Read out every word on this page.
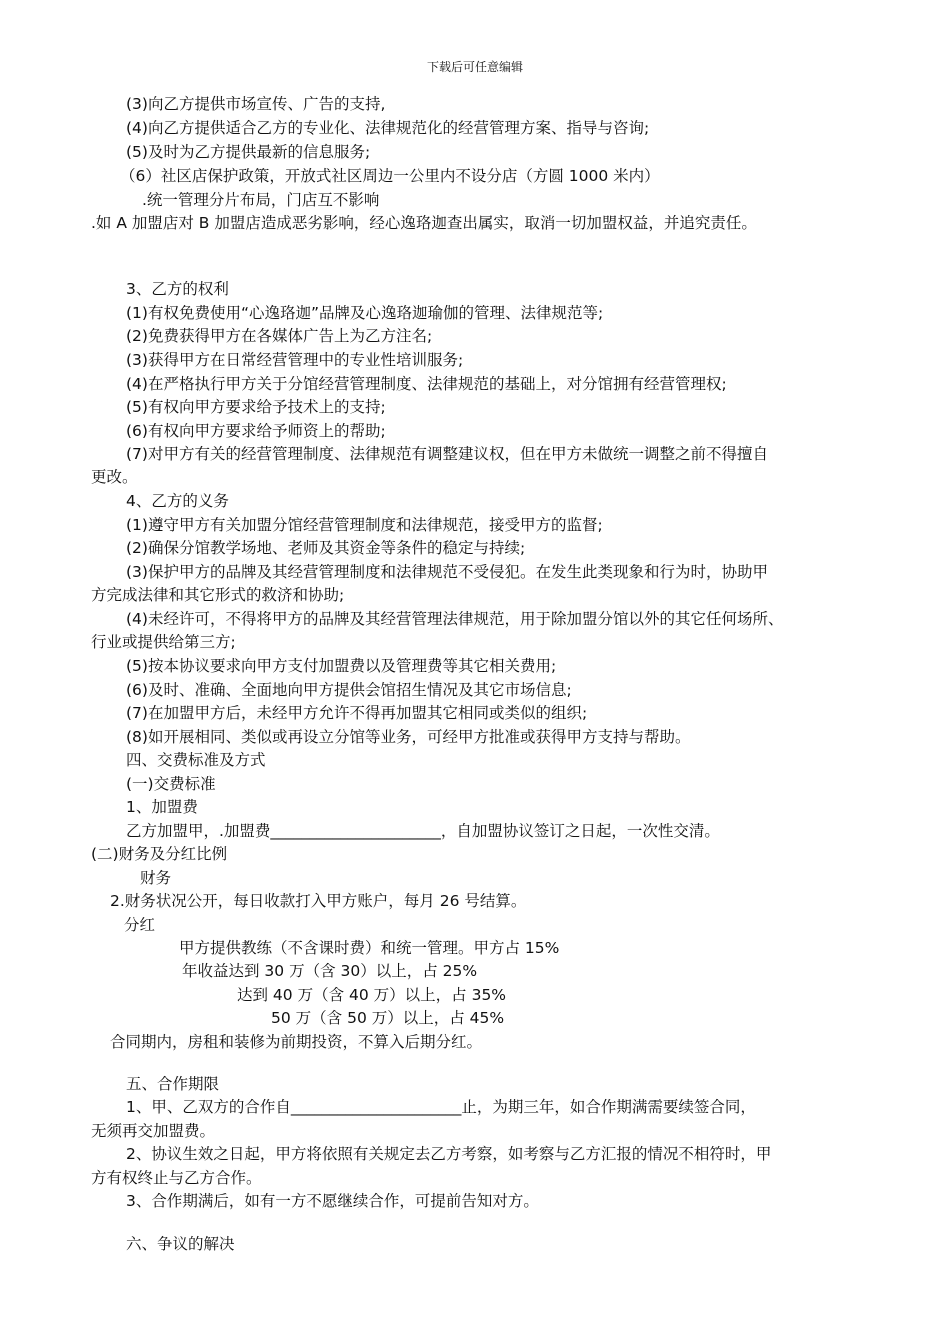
下载后可任意编辑
(3)向乙方提供市场宣传、广告的支持,
(4)向乙方提供适合乙方的专业化、法律规范化的经营管理方案、指导与咨询;
(5)及时为乙方提供最新的信息服务;
（6）社区店保护政策，开放式社区周边一公里内不设分店（方圆 1000 米内）
.统一管理分片布局，门店互不影响
.如 A 加盟店对 B 加盟店造成恶劣影响，经心逸珞迦查出属实，取消一切加盟权益，并追究责任。
3、乙方的权利
(1)有权免费使用“心逸珞迦”品牌及心逸珞迦瑜伽的管理、法律规范等;
(2)免费获得甲方在各媒体广告上为乙方注名;
(3)获得甲方在日常经营管理中的专业性培训服务;
(4)在严格执行甲方关于分馆经营管理制度、法律规范的基础上，对分馆拥有经营管理权;
(5)有权向甲方要求给予技术上的支持;
(6)有权向甲方要求给予师资上的帮助;
(7)对甲方有关的经营管理制度、法律规范有调整建议权，但在甲方未做统一调整之前不得擅自
更改。
4、乙方的义务
(1)遵守甲方有关加盟分馆经营管理制度和法律规范，接受甲方的监督;
(2)确保分馆教学场地、老师及其资金等条件的稳定与持续;
(3)保护甲方的品牌及其经营管理制度和法律规范不受侵犯。在发生此类现象和行为时，协助甲
方完成法律和其它形式的救济和协助;
(4)未经许可，不得将甲方的品牌及其经营管理法律规范，用于除加盟分馆以外的其它任何场所、
行业或提供给第三方;
(5)按本协议要求向甲方支付加盟费以及管理费等其它相关费用;
(6)及时、准确、全面地向甲方提供会馆招生情况及其它市场信息;
(7)在加盟甲方后，未经甲方允许不得再加盟其它相同或类似的组织;
(8)如开展相同、类似或再设立分馆等业务，可经甲方批准或获得甲方支持与帮助。
四、交费标准及方式
(一)交费标准
1、加盟费
乙方加盟甲，.加盟费______________________，自加盟协议签订之日起，一次性交清。
(二)财务及分红比例
财务
2.财务状况公开，每日收款打入甲方账户，每月 26 号结算。
分红
甲方提供教练（不含课时费）和统一管理。甲方占 15%
年收益达到 30 万（含 30）以上，占 25%
达到 40 万（含 40 万）以上，占 35%
50 万（含 50 万）以上，占 45%
合同期内，房租和装修为前期投资，不算入后期分红。
五、合作期限
1、甲、乙双方的合作自______________________止，为期三年，如合作期满需要续签合同，
无须再交加盟费。
2、协议生效之日起，甲方将依照有关规定去乙方考察，如考察与乙方汇报的情况不相符时，甲
方有权终止与乙方合作。
3、合作期满后，如有一方不愿继续合作，可提前告知对方。
六、争议的解决
